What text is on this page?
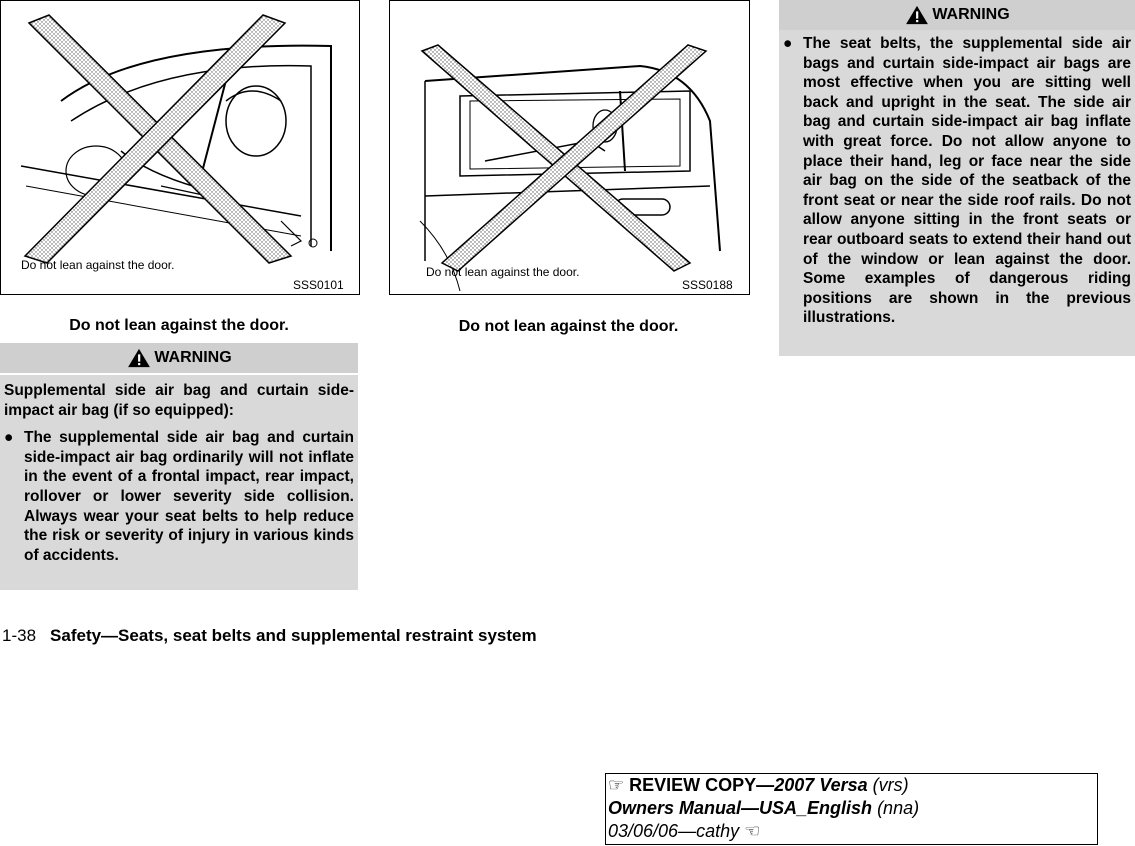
Do not lean against the door.
SSS0101
Do not lean against the door.
SSS0188
Do not lean against the door.	Do not lean against the door.
WARNING

Supplemental side air bag and curtain side-impact air bag (if so equipped):

● The supplemental side air bag and curtain side-impact air bag ordinarily will not inflate in the event of a frontal impact, rear impact, rollover or lower severity side collision. Always wear your seat belts to help reduce the risk or severity of injury in various kinds of accidents.
WARNING
● The seat belts, the supplemental side air bags and curtain side-impact air bags are most effective when you are sitting well back and upright in the seat. The side air bag and curtain side-impact air bag inflate with great force. Do not allow anyone to place their hand, leg or face near the side air bag on the side of the seatback of the front seat or near the side roof rails. Do not allow anyone sitting in the front seats or rear outboard seats to extend their hand out of the window or lean against the door. Some examples of dangerous riding positions are shown in the previous illustrations.
1-38 Safety—Seats, seat belts and supplemental restraint system
☞ REVIEW COPY—2007 Versa (vrs)
Owners Manual—USA_English (nna)
03/06/06—cathy ☜
